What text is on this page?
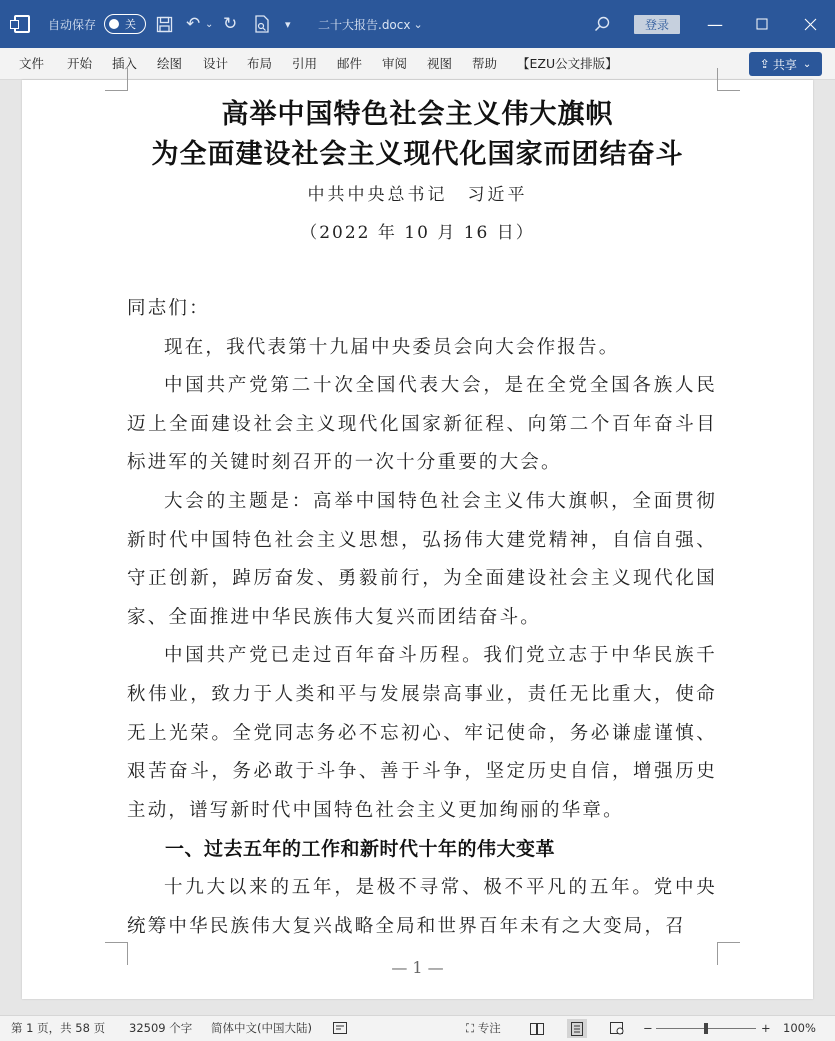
自动保存	关	↶ ⌄ ↻	▾ 二十大报告.docx ⌄	登录	—
文件 开始 插入 绘图 设计 布局 引用 邮件 审阅 视图 帮助 【EZU公文排版】	⇪ 共享 ⌄
高举中国特色社会主义伟大旗帜
为全面建设社会主义现代化国家而团结奋斗
中共中央总书记　习近平
（2022 年 10 月 16 日）

同志们：

现在，我代表第十九届中央委员会向大会作报告。

中国共产党第二十次全国代表大会，是在全党全国各族人民迈上全面建设社会主义现代化国家新征程、向第二个百年奋斗目标进军的关键时刻召开的一次十分重要的大会。

大会的主题是：高举中国特色社会主义伟大旗帜，全面贯彻新时代中国特色社会主义思想，弘扬伟大建党精神，自信自强、守正创新，踔厉奋发、勇毅前行，为全面建设社会主义现代化国家、全面推进中华民族伟大复兴而团结奋斗。

中国共产党已走过百年奋斗历程。我们党立志于中华民族千秋伟业，致力于人类和平与发展崇高事业，责任无比重大，使命无上光荣。全党同志务必不忘初心、牢记使命，务必谦虚谨慎、艰苦奋斗，务必敢于斗争、善于斗争，坚定历史自信，增强历史主动，谱写新时代中国特色社会主义更加绚丽的华章。

一、过去五年的工作和新时代十年的伟大变革

十九大以来的五年，是极不寻常、极不平凡的五年。党中央统筹中华民族伟大复兴战略全局和世界百年未有之大变局，召

— 1 —
第 1 页，共 58 页 32509 个字 简体中文(中国大陆)	⛶ 专注	−	+ 100%
